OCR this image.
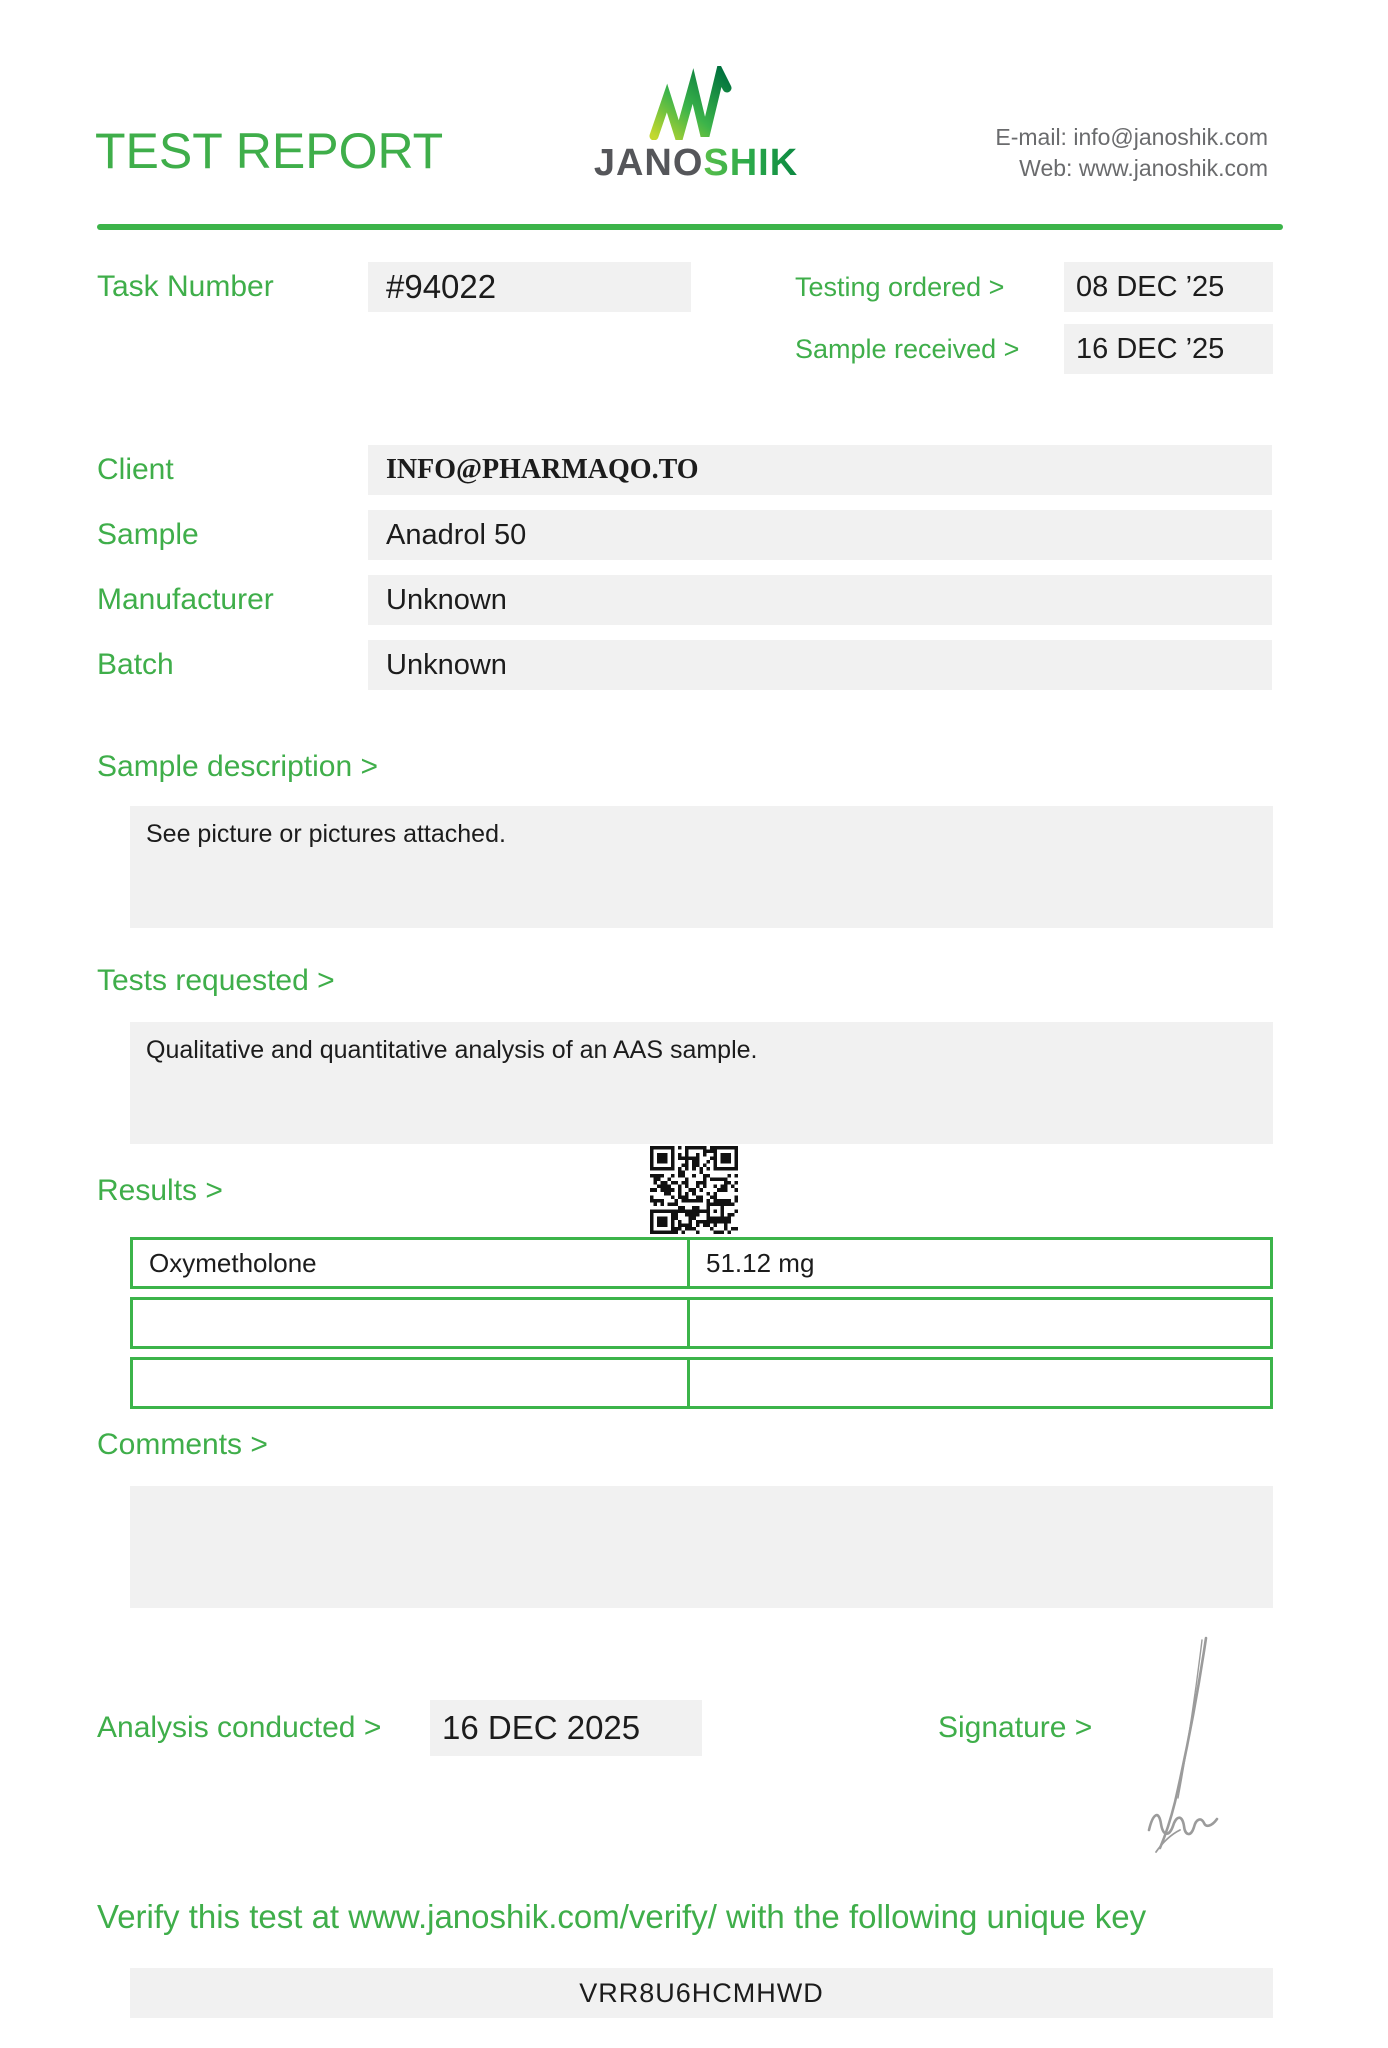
TEST REPORT	JANOSHIK
E-mail: info@janoshik.com
Web: www.janoshik.com
Task Number	#94022	Testing ordered >	08 DEC ’25
Sample received >	16 DEC ’25
Client	INFO@PHARMAQO.TO
Sample	Anadrol 50
Manufacturer	Unknown
Batch	Unknown
Sample description >
See picture or pictures attached.
Tests requested >
Qualitative and quantitative analysis of an AAS sample.
Results >
Oxymetholone	51.12 mg
Comments >
Analysis conducted >	16 DEC 2025	Signature >
Verify this test at www.janoshik.com/verify/ with the following unique key
VRR8U6HCMHWD
